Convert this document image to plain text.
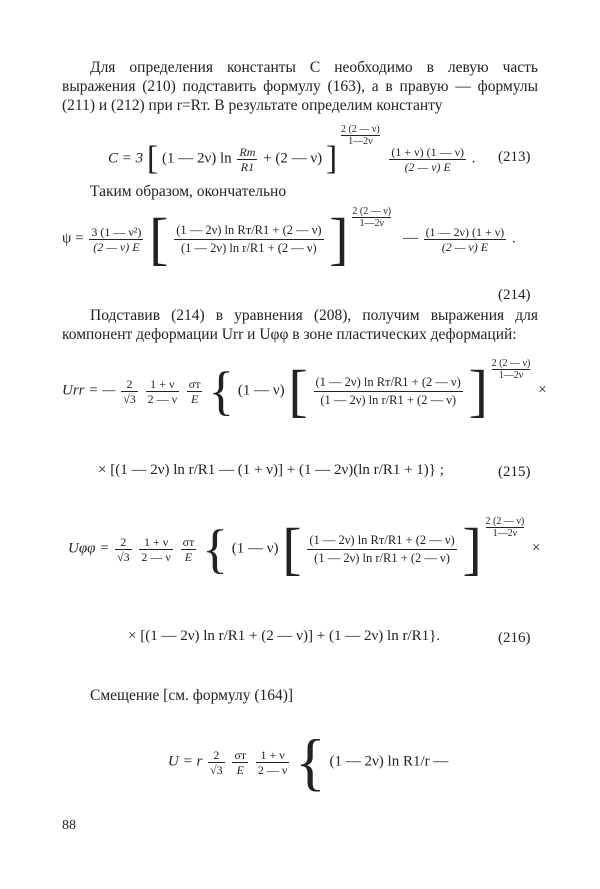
Для определения константы C необходимо в левую часть выражения (210) подставить формулу (163), а в правую — формулы (211) и (212) при r=Rт. В результате определим константу
C = 3 [ (1 — 2ν) $\ln \frac{Rт}{R1} + (2$ — ν) ]
$\frac{2 (2 — \nu)}{1—2\nu}$

$\frac{(1 + \nu) (1 — \nu)}{(2 — \nu) E}$ . (213)
Таким образом, окончательно
$\psi = \frac{\text{3 (1 — ν²)}}{(2 — \nu) E}$ [ $\frac{\text{(1 — 2ν) ln Rт/R1 + (2 — ν)}}{\text{(1 — 2ν) ln r/R1 + (2 — ν)}}$ ] $\frac{2 (2 — \nu)}{1—2\nu}$
— $\frac{(1 — 2\nu) (1 + \nu)}{(2 — \nu) E}$ .
(214)
Подставив (214) в уравнения (208), получим выражения для компонент деформации Urr и Uφφ в зоне пластических деформаций:
Urr = — $\frac{2}{√3}$
$\frac{1 + \nu}{2 — \nu}$
$\frac{\sigma т}{E}$ { (1 — ν) [ $\frac{\text{(1 — 2ν) ln Rт/R1 + (2 — ν)}}{\text{(1 — 2ν) ln r/R1 + (2 — ν)}}$ ] $\frac{2 (2 — \nu)}{1—2\nu}$
×
× [(1 — 2ν) ln r/R1 — (1 + ν)] + (1 — 2ν)(ln r/R1 + 1)} ;	(215)
$U\varphi\varphi = \frac{2}{√3}$
$\frac{1 + \nu}{2 — \nu}$
$\frac{\sigma т}{E}$ { (1 — ν) [ $\frac{\text{(1 — 2ν) ln Rт/R1 + (2 — ν)}}{\text{(1 — 2ν) ln r/R1 + (2 — ν)}}$ ] $\frac{2 (2 — \nu)}{1—2\nu}$
×
× [(1 — 2ν) ln r/R1 + (2 — ν)] + (1 — 2ν) ln r/R1}.	(216)
Смещение [см. формулу (164)]
U = r $\frac{2}{√3}$
$\frac{\sigma т}{E}$
$\frac{1 + \nu}{2 — \nu}$ { (1 — 2ν) ln R1/r —
88
